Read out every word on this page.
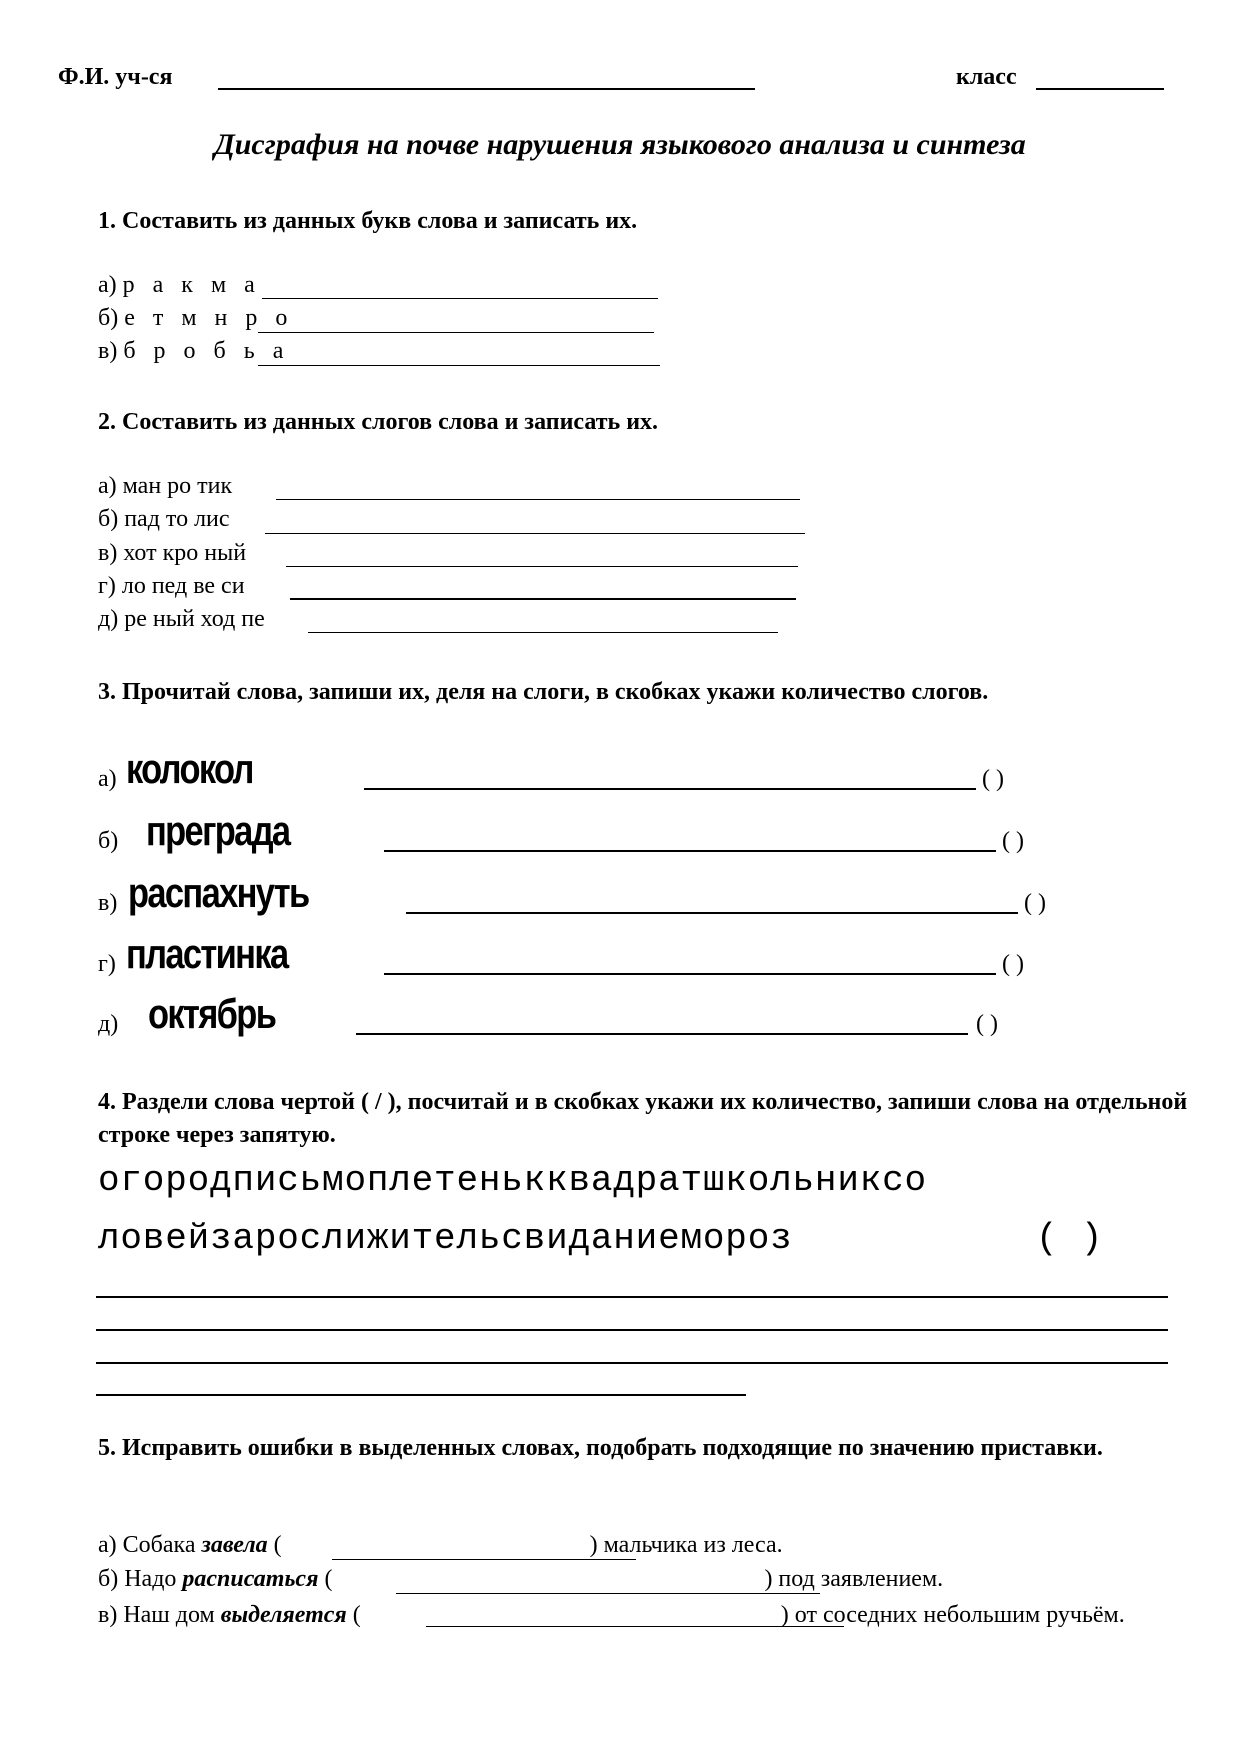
Ф.И. уч-ся	класс
Дисграфия на почве нарушения языкового анализа и синтеза
1. Составить из данных букв слова и записать их.
а) р а к м а
б) е т м н р о
в) б р о б ь а
2. Составить из данных слогов слова и записать их.
а) ман ро тик
б) пад то лис
в) хот кро ный
г) ло пед ве си
д) ре ный ход пе
3. Прочитай слова, запиши их, деля на слоги, в скобках укажи количество слогов.
а) колокол	( )
б) преграда	( )
в) распахнуть	( )
г) пластинка	( )
д) октябрь	( )
4. Раздели слова чертой ( / ), посчитай и в скобках укажи их количество, запиши слова на отдельной строке через запятую.
огородписьмоплетенькквадратшкольниксо
ловейзарослижительсвиданиемороз	( )
5. Исправить ошибки в выделенных словах, подобрать подходящие по значению приставки.
а) Собака завела (	) мальчика из леса.
б) Надо расписаться (	) под заявлением.
в) Наш дом выделяется (	) от соседних небольшим ручьём.
